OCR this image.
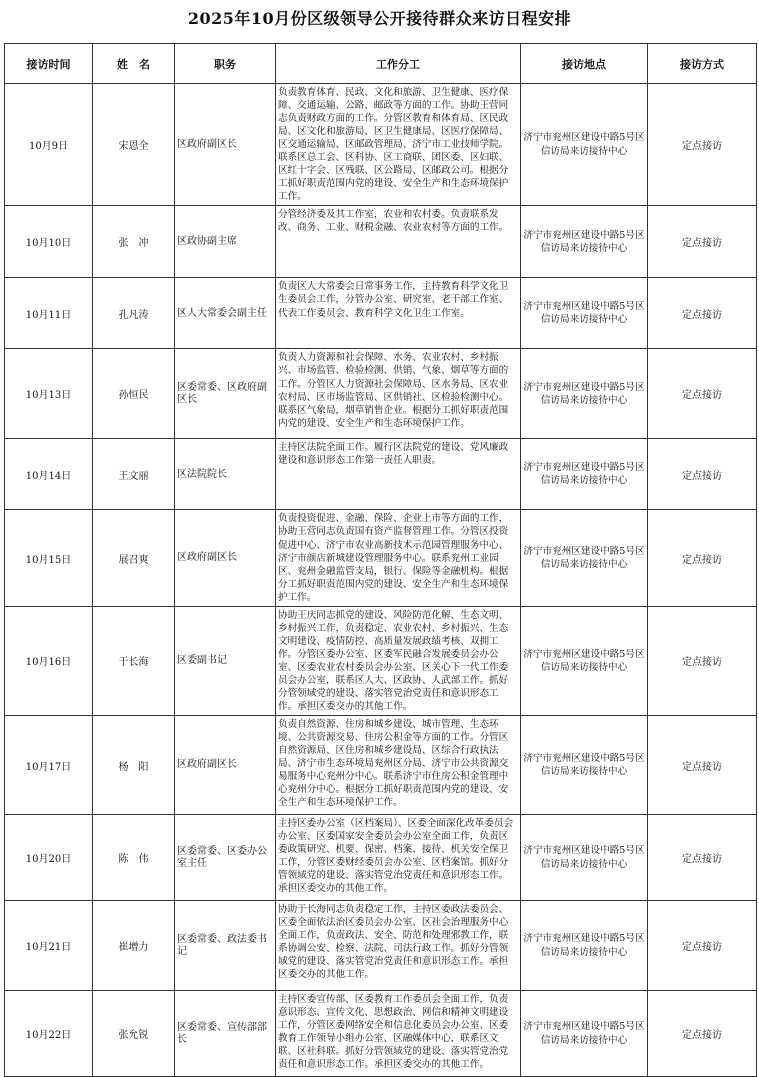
2025年10月份区级领导公开接待群众来访日程安排
接访时间	姓　名	职务	工作分工	接访地点	接访方式
10月9日	宋恩全	区政府副区长	负责教育体育、民政、文化和旅游、卫生健康、医疗保障、交通运输、公路、邮政等方面的工作。协助王营同志负责财政方面的工作。分管区教育和体育局、区民政局、区文化和旅游局、区卫生健康局、区医疗保障局、区交通运输局、区邮政管理局、济宁市工业技师学院。联系区总工会、区科协、区工商联、团区委、区妇联、区红十字会、区残联、区公路局、区邮政公司。根据分工抓好职责范围内党的建设、安全生产和生态环境保护工作。	济宁市兖州区建设中路5号区信访局来访接待中心	定点接访
10月10日	张　冲	区政协副主席	分管经济委及其工作室，农业和农村委。负责联系发改、商务、工业、财税金融、农业农村等方面的工作。	济宁市兖州区建设中路5号区信访局来访接待中心	定点接访
10月11日	孔凡涛	区人大常委会副主任	负责区人大常委会日常事务工作，主持教育科学文化卫生委员会工作，分管办公室、研究室、老干部工作室、代表工作委员会、教育科学文化卫生工作室。	济宁市兖州区建设中路5号区信访局来访接待中心	定点接访
10月13日	孙恒民	区委常委、区政府副区长	负责人力资源和社会保障、水务、农业农村、乡村振兴、市场监管、检验检测、供销、气象、烟草等方面的工作。分管区人力资源社会保障局、区水务局、区农业农村局、区市场监管局、区供销社、区检验检测中心。联系区气象局，烟草销售企业。根据分工抓好职责范围内党的建设、安全生产和生态环境保护工作。	济宁市兖州区建设中路5号区信访局来访接待中心	定点接访
10月14日	王文丽	区法院院长	主持区法院全面工作。履行区法院党的建设、党风廉政建设和意识形态工作第一责任人职责。	济宁市兖州区建设中路5号区信访局来访接待中心	定点接访
10月15日	展召爽	区政府副区长	负责投资促进、金融、保险、企业上市等方面的工作，协助王营同志负责国有资产监督管理工作。分管区投资促进中心、济宁市农业高新技术示范园管理服务中心、济宁市颜店新城建设管理服务中心。联系兖州工业园区、兖州金融监管支局，银行、保险等金融机构。根据分工抓好职责范围内党的建设、安全生产和生态环境保护工作。	济宁市兖州区建设中路5号区信访局来访接待中心	定点接访
10月16日	于长海	区委副书记	协助王庆同志抓党的建设、风险防范化解、生态文明、乡村振兴工作，负责稳定、农业农村、乡村振兴、生态文明建设、疫情防控、高质量发展政绩考核、双拥工作。分管区委办公室、区委军民融合发展委员会办公室、区委农业农村委员会办公室、区关心下一代工作委员会办公室，联系区人大、区政协、人武部工作。抓好分管领域党的建设、落实管党治党责任和意识形态工作。承担区委交办的其他工作。	济宁市兖州区建设中路5号区信访局来访接待中心	定点接访
10月17日	杨　阳	区政府副区长	负责自然资源、住房和城乡建设、城市管理、生态环境、公共资源交易、住房公积金等方面的工作。分管区自然资源局、区住房和城乡建设局、区综合行政执法局、济宁市生态环境局兖州区分局、济宁市公共资源交易服务中心兖州分中心。联系济宁市住房公积金管理中心兖州分中心。根据分工抓好职责范围内党的建设、安全生产和生态环境保护工作。	济宁市兖州区建设中路5号区信访局来访接待中心	定点接访
10月20日	陈　伟	区委常委、区委办公室主任	主持区委办公室（区档案局）、区委全面深化改革委员会办公室、区委国家安全委员会办公室全面工作，负责区委政策研究、机要、保密、档案、接待、机关安全保卫工作，分管区委财经委员会办公室、区档案馆。抓好分管领域党的建设、落实管党治党责任和意识形态工作。承担区委交办的其他工作。	济宁市兖州区建设中路5号区信访局来访接待中心	定点接访
10月21日	崔增力	区委常委、政法委书记	协助于长海同志负责稳定工作，主持区委政法委员会、区委全面依法治区委员会办公室、区社会治理服务中心全面工作，负责政法、安全、防范和处理邪教工作，联系协调公安、检察、法院、司法行政工作。抓好分管领域党的建设、落实管党治党责任和意识形态工作。承担区委交办的其他工作。	济宁市兖州区建设中路5号区信访局来访接待中心	定点接访
10月22日	张允锐	区委常委、宣传部部长	主持区委宣传部、区委教育工作委员会全面工作，负责意识形态、宣传文化、思想政治、网信和精神文明建设工作，分管区委网络安全和信息化委员会办公室、区委教育工作领导小组办公室、区融媒体中心，联系区文联、区社科联。抓好分管领域党的建设、落实管党治党责任和意识形态工作。承担区委交办的其他工作。	济宁市兖州区建设中路5号区信访局来访接待中心	定点接访
